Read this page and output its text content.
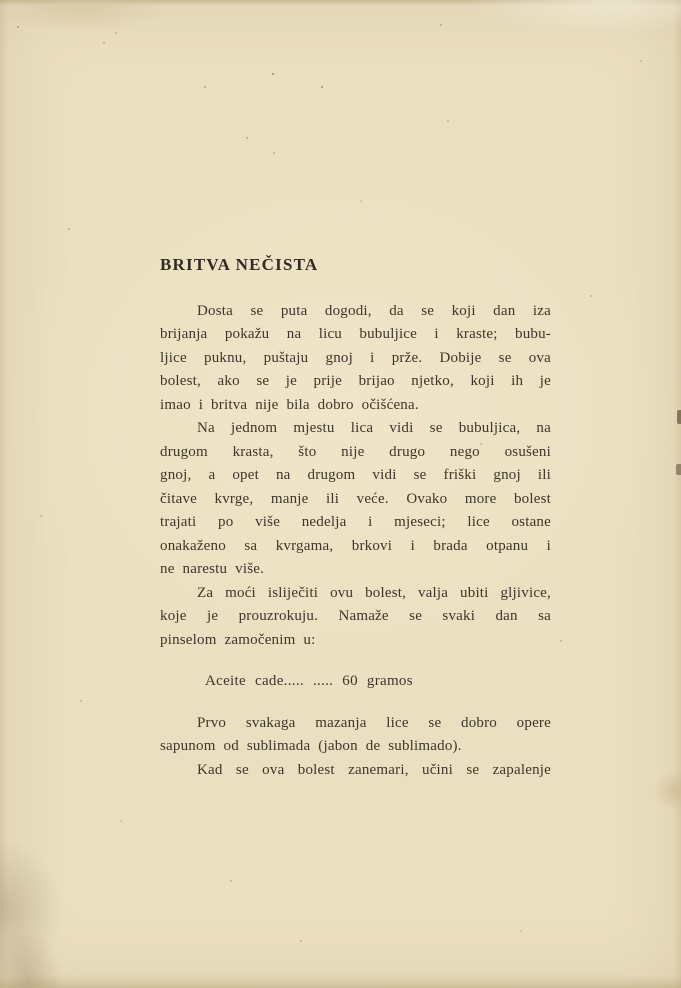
BRITVA NEČISTA
Dosta se puta dogodi, da se koji dan iza
brijanja pokažu na licu bubuljice i kraste; bubu-
ljice puknu, puštaju gnoj i prže. Dobije se ova
bolest, ako se je prije brijao njetko, koji ih je
imao i britva nije bila dobro očišćena.
Na jednom mjestu lica vidi se bubuljica, na
drugom krasta, što nije drugo nego osušeni
gnoj, a opet na drugom vidi se friški gnoj ili
čitave kvrge, manje ili veće. Ovako more bolest
trajati po više nedelja i mjeseci; lice ostane
onakaženo sa kvrgama, brkovi i brada otpanu i
ne narestu više.
Za moći isliječiti ovu bolest, valja ubiti gljivice,
koje je prouzrokuju. Namaže se svaki dan sa
pinselom zamočenim u:
Aceite cade..... ..... 60 gramos
Prvo svakaga mazanja lice se dobro opere
sapunom od sublimada (jabon de sublimado).
Kad se ova bolest zanemari, učini se zapalenje
